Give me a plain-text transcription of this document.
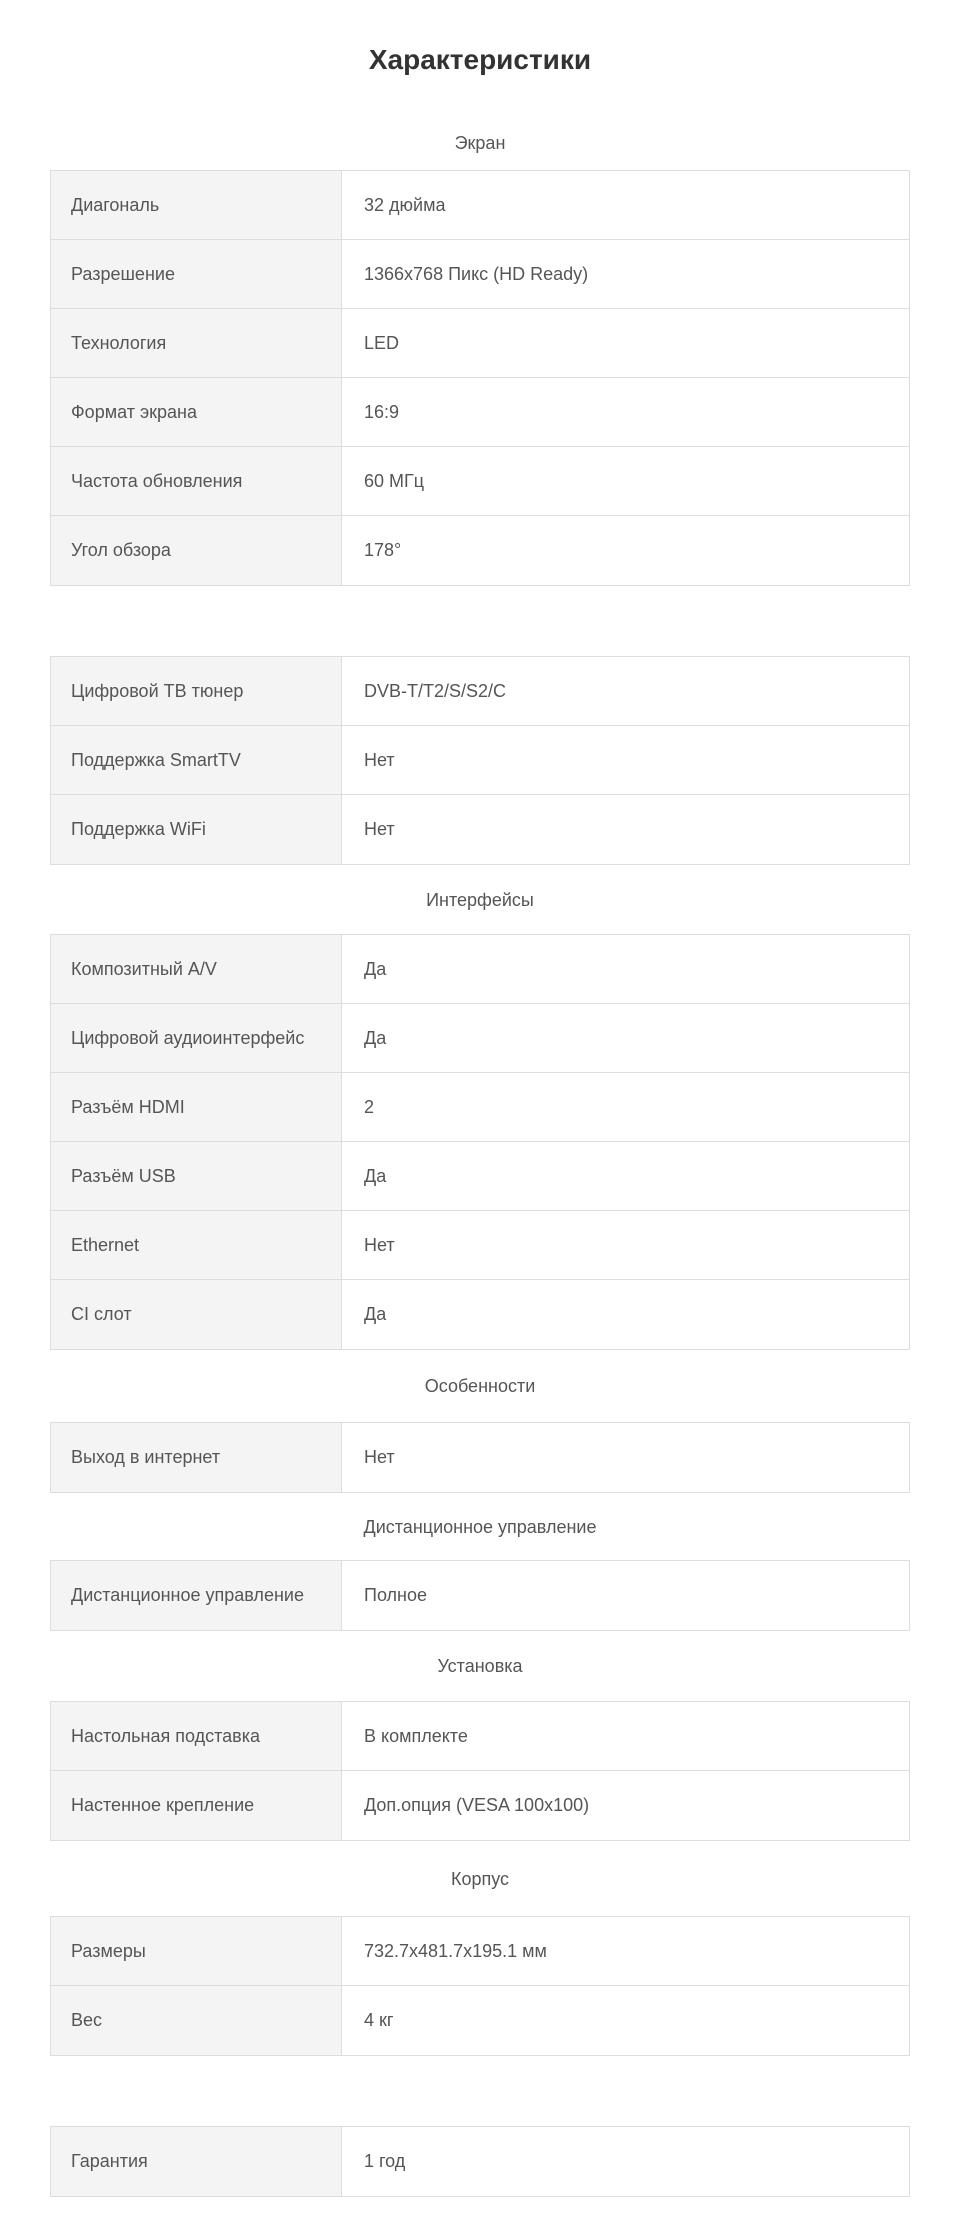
Характеристики
Экран
Диагональ	32 дюйма
Разрешение	1366x768 Пикс (HD Ready)
Технология	LED
Формат экрана	16:9
Частота обновления	60 МГц
Угол обзора	178°
Цифровой ТВ тюнер	DVB-T/T2/S/S2/C
Поддержка SmartTV	Нет
Поддержка WiFi	Нет
Интерфейсы
Композитный A/V	Да
Цифровой аудиоинтерфейс	Да
Разъём HDMI	2
Разъём USB	Да
Ethernet	Нет
CI слот	Да
Особенности
Выход в интернет	Нет
Дистанционное управление
Дистанционное управление	Полное
Установка
Настольная подставка	В комплекте
Настенное крепление	Доп.опция (VESA 100x100)
Корпус
Размеры	732.7x481.7x195.1 мм
Вес	4 кг
Гарантия	1 год
